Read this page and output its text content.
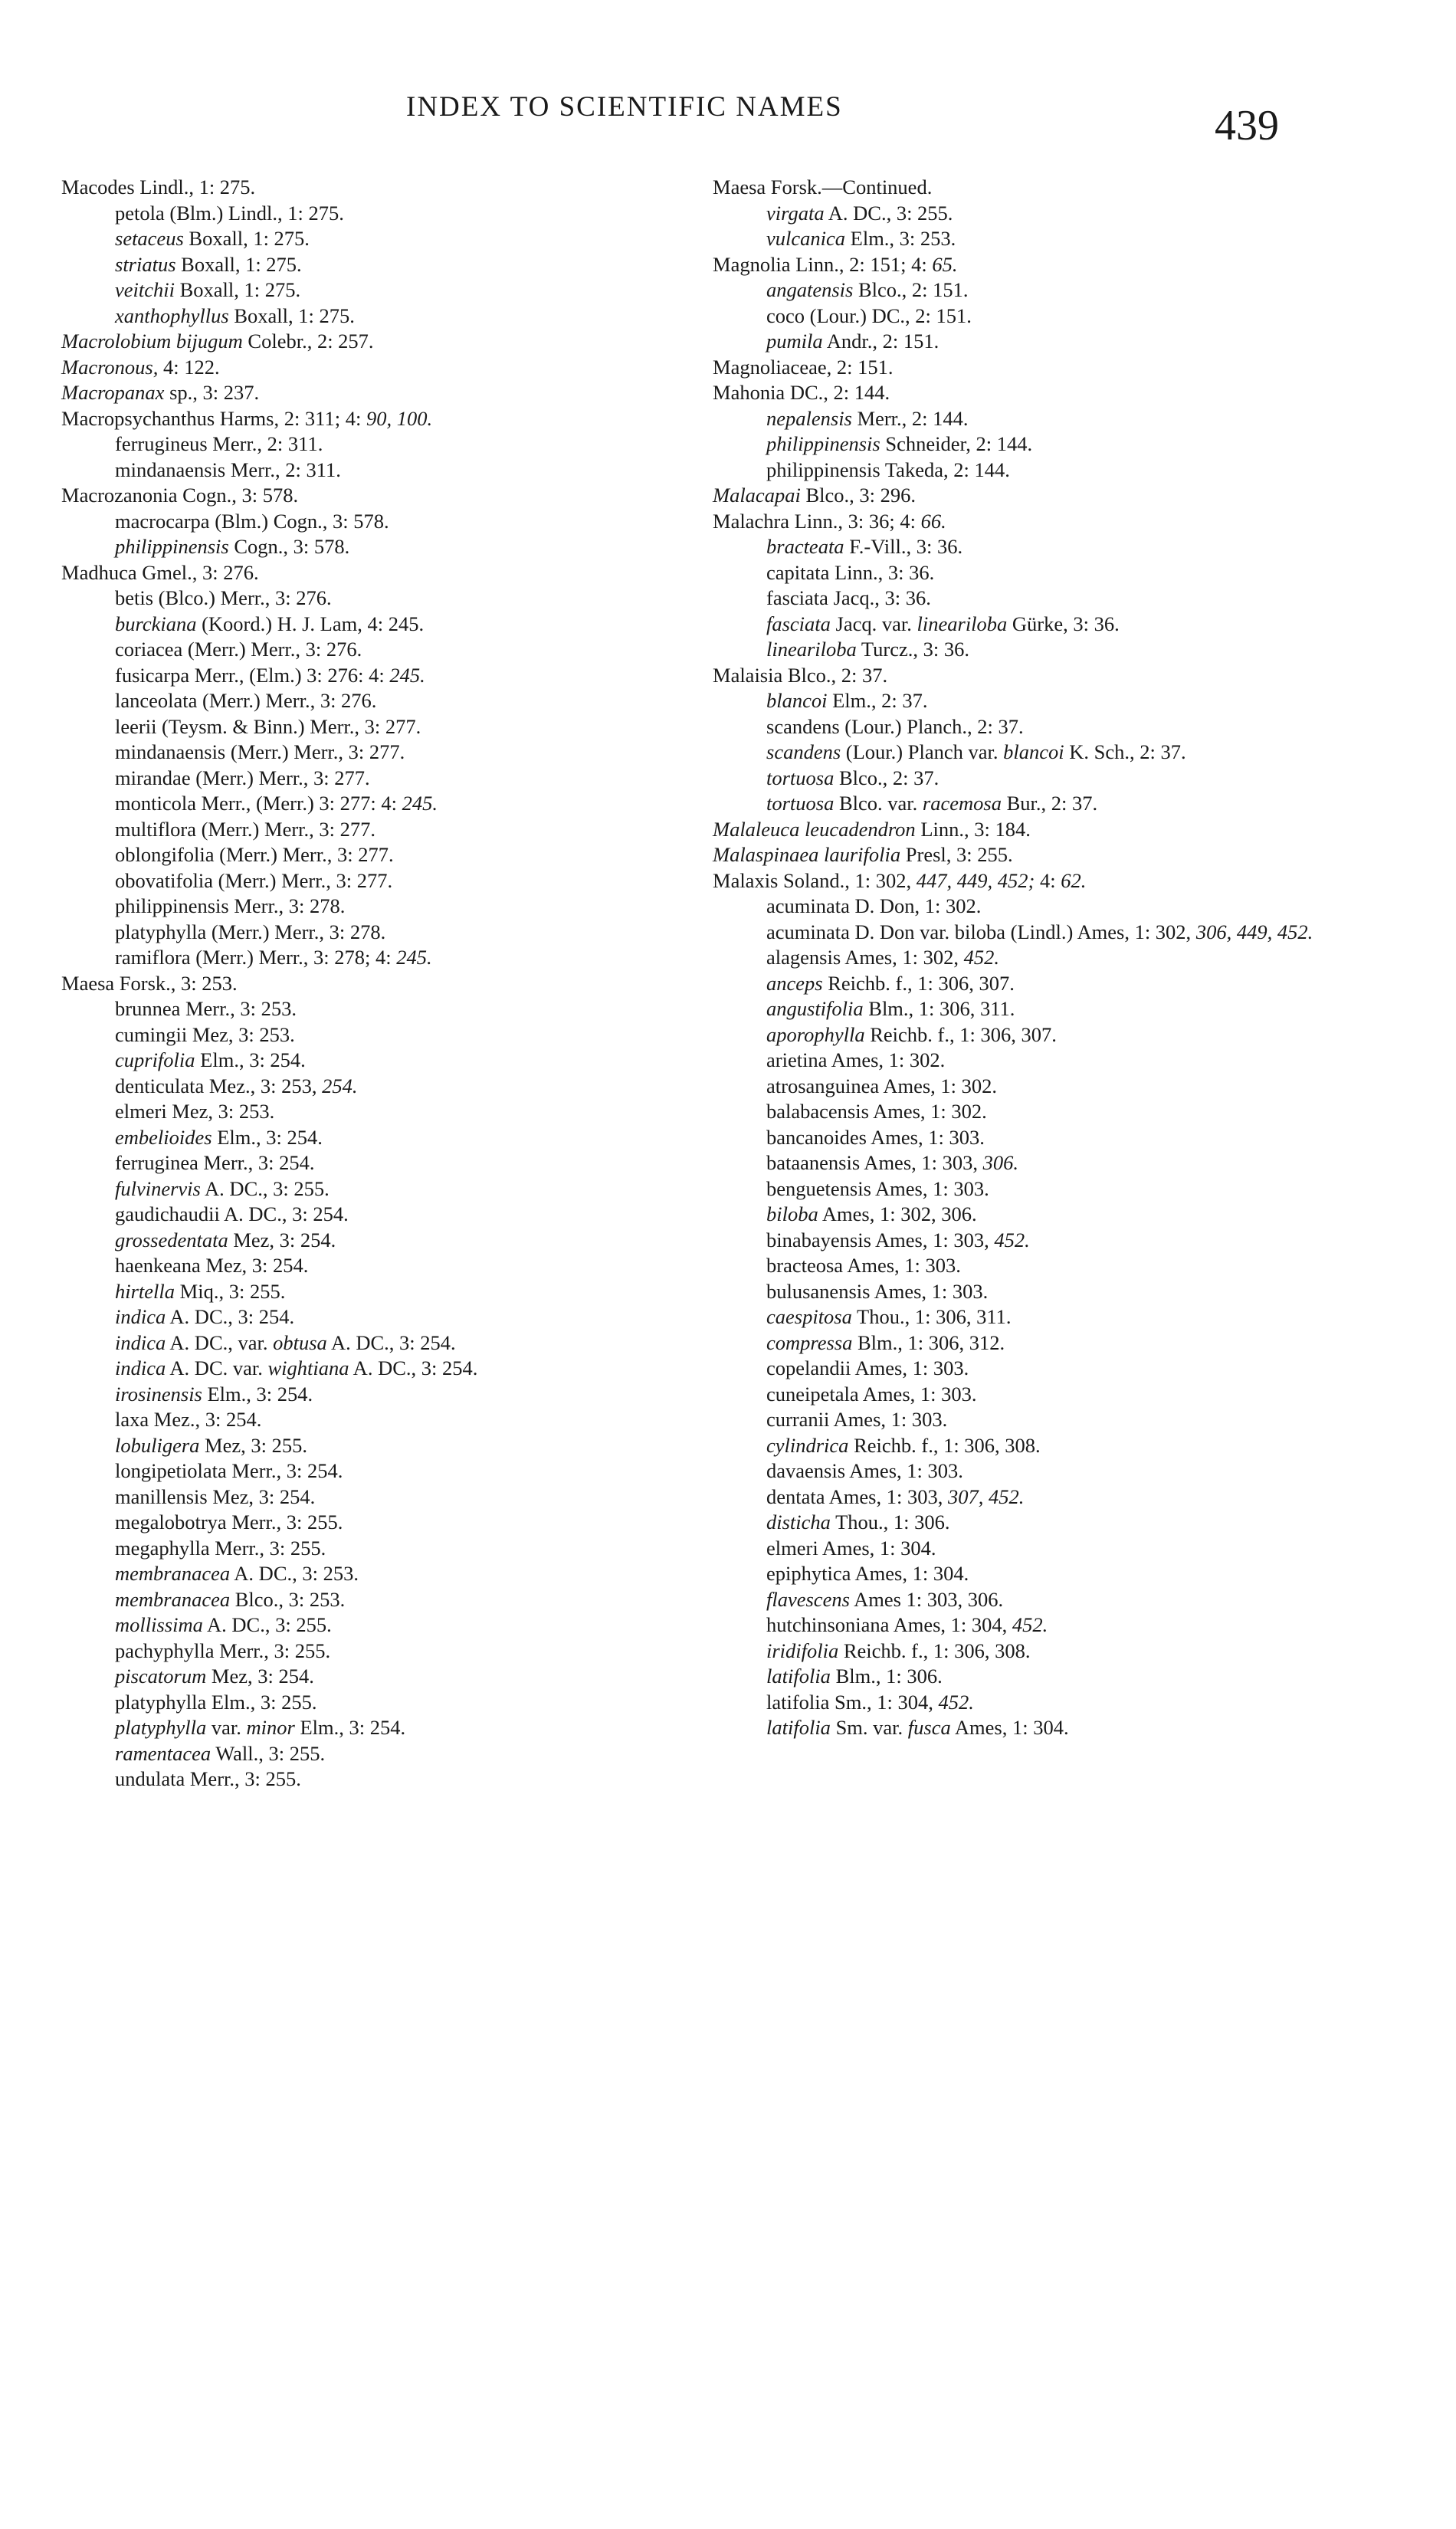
INDEX TO SCIENTIFIC NAMES	439
Macodes Lindl., 1: 275.
petola (Blm.) Lindl., 1: 275.
setaceus Boxall, 1: 275.
striatus Boxall, 1: 275.
veitchii Boxall, 1: 275.
xanthophyllus Boxall, 1: 275.
Macrolobium bijugum Colebr., 2: 257.
Macronous, 4: 122.
Macropanax sp., 3: 237.
Macropsychanthus Harms, 2: 311; 4: 90, 100.
ferrugineus Merr., 2: 311.
mindanaensis Merr., 2: 311.
Macrozanonia Cogn., 3: 578.
macrocarpa (Blm.) Cogn., 3: 578.
philippinensis Cogn., 3: 578.
Madhuca Gmel., 3: 276.
betis (Blco.) Merr., 3: 276.
burckiana (Koord.) H. J. Lam, 4: 245.
coriacea (Merr.) Merr., 3: 276.
fusicarpa Merr., (Elm.) 3: 276: 4: 245.
lanceolata (Merr.) Merr., 3: 276.
leerii (Teysm. & Binn.) Merr., 3: 277.
mindanaensis (Merr.) Merr., 3: 277.
mirandae (Merr.) Merr., 3: 277.
monticola Merr., (Merr.) 3: 277: 4: 245.
multiflora (Merr.) Merr., 3: 277.
oblongifolia (Merr.) Merr., 3: 277.
obovatifolia (Merr.) Merr., 3: 277.
philippinensis Merr., 3: 278.
platyphylla (Merr.) Merr., 3: 278.
ramiflora (Merr.) Merr., 3: 278; 4: 245.
Maesa Forsk., 3: 253.
brunnea Merr., 3: 253.
cumingii Mez, 3: 253.
cuprifolia Elm., 3: 254.
denticulata Mez., 3: 253, 254.
elmeri Mez, 3: 253.
embelioides Elm., 3: 254.
ferruginea Merr., 3: 254.
fulvinervis A. DC., 3: 255.
gaudichaudii A. DC., 3: 254.
grossedentata Mez, 3: 254.
haenkeana Mez, 3: 254.
hirtella Miq., 3: 255.
indica A. DC., 3: 254.
indica A. DC., var. obtusa A. DC., 3: 254.
indica A. DC. var. wightiana A. DC., 3: 254.
irosinensis Elm., 3: 254.
laxa Mez., 3: 254.
lobuligera Mez, 3: 255.
longipetiolata Merr., 3: 254.
manillensis Mez, 3: 254.
megalobotrya Merr., 3: 255.
megaphylla Merr., 3: 255.
membranacea A. DC., 3: 253.
membranacea Blco., 3: 253.
mollissima A. DC., 3: 255.
pachyphylla Merr., 3: 255.
piscatorum Mez, 3: 254.
platyphylla Elm., 3: 255.
platyphylla var. minor Elm., 3: 254.
ramentacea Wall., 3: 255.
undulata Merr., 3: 255.
Maesa Forsk.—Continued.
virgata A. DC., 3: 255.
vulcanica Elm., 3: 253.
Magnolia Linn., 2: 151; 4: 65.
angatensis Blco., 2: 151.
coco (Lour.) DC., 2: 151.
pumila Andr., 2: 151.
Magnoliaceae, 2: 151.
Mahonia DC., 2: 144.
nepalensis Merr., 2: 144.
philippinensis Schneider, 2: 144.
philippinensis Takeda, 2: 144.
Malacapai Blco., 3: 296.
Malachra Linn., 3: 36; 4: 66.
bracteata F.-Vill., 3: 36.
capitata Linn., 3: 36.
fasciata Jacq., 3: 36.
fasciata Jacq. var. lineariloba Gürke, 3: 36.
lineariloba Turcz., 3: 36.
Malaisia Blco., 2: 37.
blancoi Elm., 2: 37.
scandens (Lour.) Planch., 2: 37.
scandens (Lour.) Planch var. blancoi K. Sch., 2: 37.
tortuosa Blco., 2: 37.
tortuosa Blco. var. racemosa Bur., 2: 37.
Malaleuca leucadendron Linn., 3: 184.
Malaspinaea laurifolia Presl, 3: 255.
Malaxis Soland., 1: 302, 447, 449, 452; 4: 62.
acuminata D. Don, 1: 302.
acuminata D. Don var. biloba (Lindl.) Ames, 1: 302, 306, 449, 452.
alagensis Ames, 1: 302, 452.
anceps Reichb. f., 1: 306, 307.
angustifolia Blm., 1: 306, 311.
aporophylla Reichb. f., 1: 306, 307.
arietina Ames, 1: 302.
atrosanguinea Ames, 1: 302.
balabacensis Ames, 1: 302.
bancanoides Ames, 1: 303.
bataanensis Ames, 1: 303, 306.
benguetensis Ames, 1: 303.
biloba Ames, 1: 302, 306.
binabayensis Ames, 1: 303, 452.
bracteosa Ames, 1: 303.
bulusanensis Ames, 1: 303.
caespitosa Thou., 1: 306, 311.
compressa Blm., 1: 306, 312.
copelandii Ames, 1: 303.
cuneipetala Ames, 1: 303.
curranii Ames, 1: 303.
cylindrica Reichb. f., 1: 306, 308.
davaensis Ames, 1: 303.
dentata Ames, 1: 303, 307, 452.
disticha Thou., 1: 306.
elmeri Ames, 1: 304.
epiphytica Ames, 1: 304.
flavescens Ames 1: 303, 306.
hutchinsoniana Ames, 1: 304, 452.
iridifolia Reichb. f., 1: 306, 308.
latifolia Blm., 1: 306.
latifolia Sm., 1: 304, 452.
latifolia Sm. var. fusca Ames, 1: 304.
